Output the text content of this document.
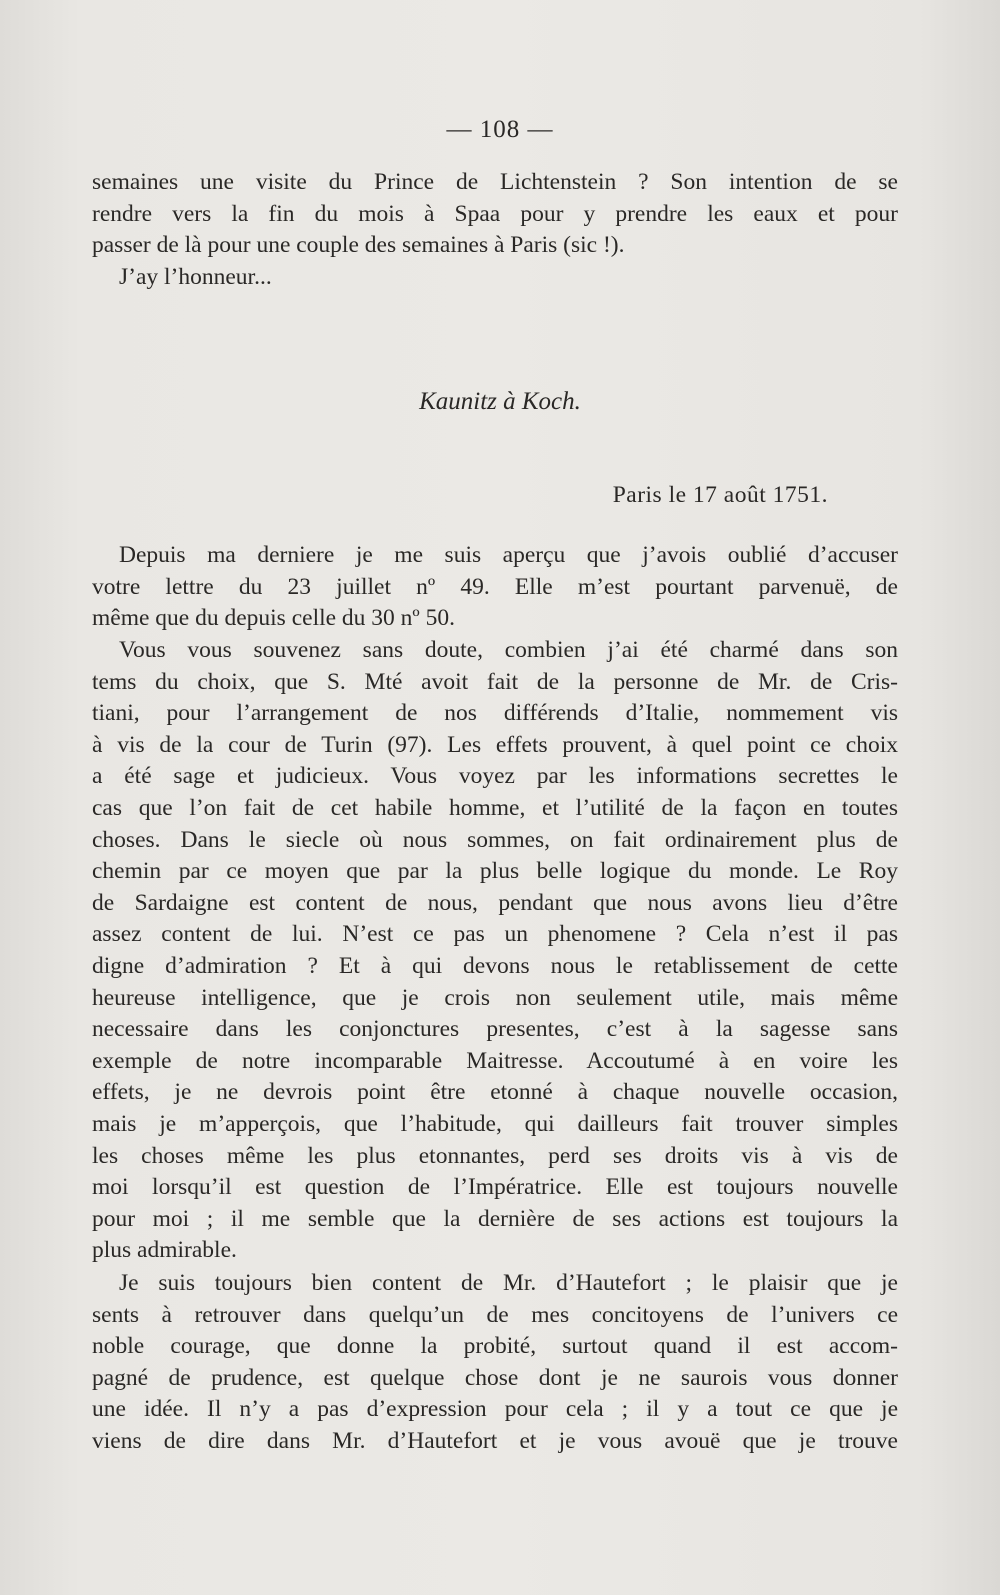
— 108 —
semaines une visite du Prince de Lichtenstein ? Son intention de se
rendre vers la fin du mois à Spaa pour y prendre les eaux et pour
passer de là pour une couple des semaines à Paris (sic !).
J’ay l’honneur...
Kaunitz à Koch.
Paris le 17 août 1751.
Depuis ma derniere je me suis aperçu que j’avois oublié d’accuser
votre lettre du 23 juillet nº 49. Elle m’est pourtant parvenuë, de
même que du depuis celle du 30 nº 50.
Vous vous souvenez sans doute, combien j’ai été charmé dans son
tems du choix, que S. Mté avoit fait de la personne de Mr. de Cris-
tiani, pour l’arrangement de nos différends d’Italie, nommement vis
à vis de la cour de Turin (97). Les effets prouvent, à quel point ce choix
a été sage et judicieux. Vous voyez par les informations secrettes le
cas que l’on fait de cet habile homme, et l’utilité de la façon en toutes
choses. Dans le siecle où nous sommes, on fait ordinairement plus de
chemin par ce moyen que par la plus belle logique du monde. Le Roy
de Sardaigne est content de nous, pendant que nous avons lieu d’être
assez content de lui. N’est ce pas un phenomene ? Cela n’est il pas
digne d’admiration ? Et à qui devons nous le retablissement de cette
heureuse intelligence, que je crois non seulement utile, mais même
necessaire dans les conjonctures presentes, c’est à la sagesse sans
exemple de notre incomparable Maitresse. Accoutumé à en voire les
effets, je ne devrois point être etonné à chaque nouvelle occasion,
mais je m’apperçois, que l’habitude, qui dailleurs fait trouver simples
les choses même les plus etonnantes, perd ses droits vis à vis de
moi lorsqu’il est question de l’Impératrice. Elle est toujours nouvelle
pour moi ; il me semble que la dernière de ses actions est toujours la
plus admirable.
Je suis toujours bien content de Mr. d’Hautefort ; le plaisir que je
sents à retrouver dans quelqu’un de mes concitoyens de l’univers ce
noble courage, que donne la probité, surtout quand il est accom-
pagné de prudence, est quelque chose dont je ne saurois vous donner
une idée. Il n’y a pas d’expression pour cela ; il y a tout ce que je
viens de dire dans Mr. d’Hautefort et je vous avouë que je trouve
